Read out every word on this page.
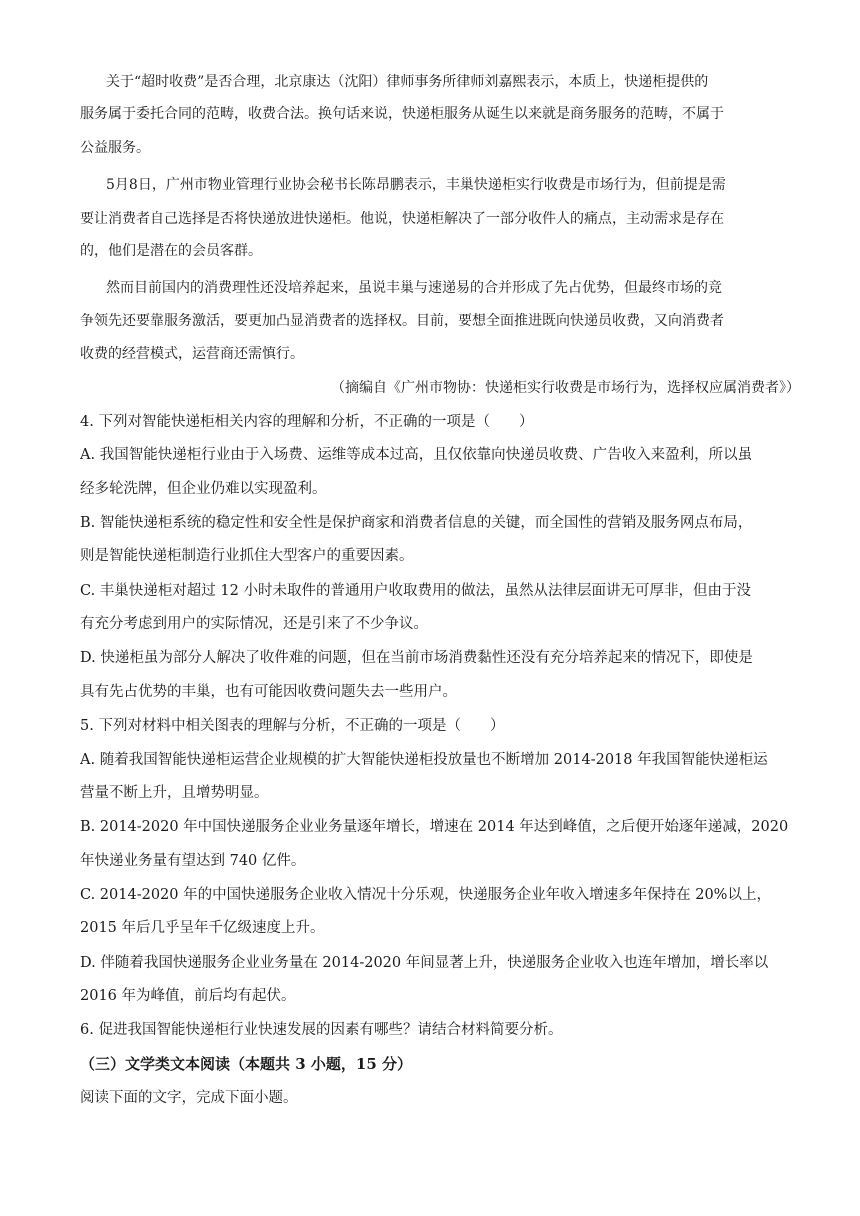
关于“超时收费”是否合理，北京康达（沈阳）律师事务所律师刘嘉熙表示，本质上，快递柜提供的
服务属于委托合同的范畴，收费合法。换句话来说，快递柜服务从诞生以来就是商务服务的范畴，不属于
公益服务。
5月8日，广州市物业管理行业协会秘书长陈昂鹏表示，丰巢快递柜实行收费是市场行为，但前提是需
要让消费者自己选择是否将快递放进快递柜。他说，快递柜解决了一部分收件人的痛点，主动需求是存在
的，他们是潜在的会员客群。
然而目前国内的消费理性还没培养起来，虽说丰巢与速递易的合并形成了先占优势，但最终市场的竞
争领先还要靠服务激活，要更加凸显消费者的选择权。目前，要想全面推进既向快递员收费，又向消费者
收费的经营模式，运营商还需慎行。
（摘编自《广州市物协：快递柜实行收费是市场行为，选择权应属消费者》）
4. 下列对智能快递柜相关内容的理解和分析，不正确的一项是（　　）
A. 我国智能快递柜行业由于入场费、运维等成本过高，且仅依靠向快递员收费、广告收入来盈利，所以虽
经多轮洗牌，但企业仍难以实现盈利。
B. 智能快递柜系统的稳定性和安全性是保护商家和消费者信息的关键，而全国性的营销及服务网点布局，
则是智能快递柜制造行业抓住大型客户的重要因素。
C. 丰巢快递柜对超过 12 小时未取件的普通用户收取费用的做法，虽然从法律层面讲无可厚非，但由于没
有充分考虑到用户的实际情况，还是引来了不少争议。
D. 快递柜虽为部分人解决了收件难的问题，但在当前市场消费黏性还没有充分培养起来的情况下，即使是
具有先占优势的丰巢，也有可能因收费问题失去一些用户。
5. 下列对材料中相关图表的理解与分析，不正确的一项是（　　）
A. 随着我国智能快递柜运营企业规模的扩大智能快递柜投放量也不断增加 2014-2018 年我国智能快递柜运
营量不断上升，且增势明显。
B. 2014-2020 年中国快递服务企业业务量逐年增长，增速在 2014 年达到峰值，之后便开始逐年递减，2020
年快递业务量有望达到 740 亿件。
C. 2014-2020 年的中国快递服务企业收入情况十分乐观，快递服务企业年收入增速多年保持在 20%以上，
2015 年后几乎呈年千亿级速度上升。
D. 伴随着我国快递服务企业业务量在 2014-2020 年间显著上升，快递服务企业收入也连年增加，增长率以
2016 年为峰值，前后均有起伏。
6. 促进我国智能快递柜行业快速发展的因素有哪些？请结合材料简要分析。
（三）文学类文本阅读（本题共 3 小题，15 分）
阅读下面的文字，完成下面小题。
